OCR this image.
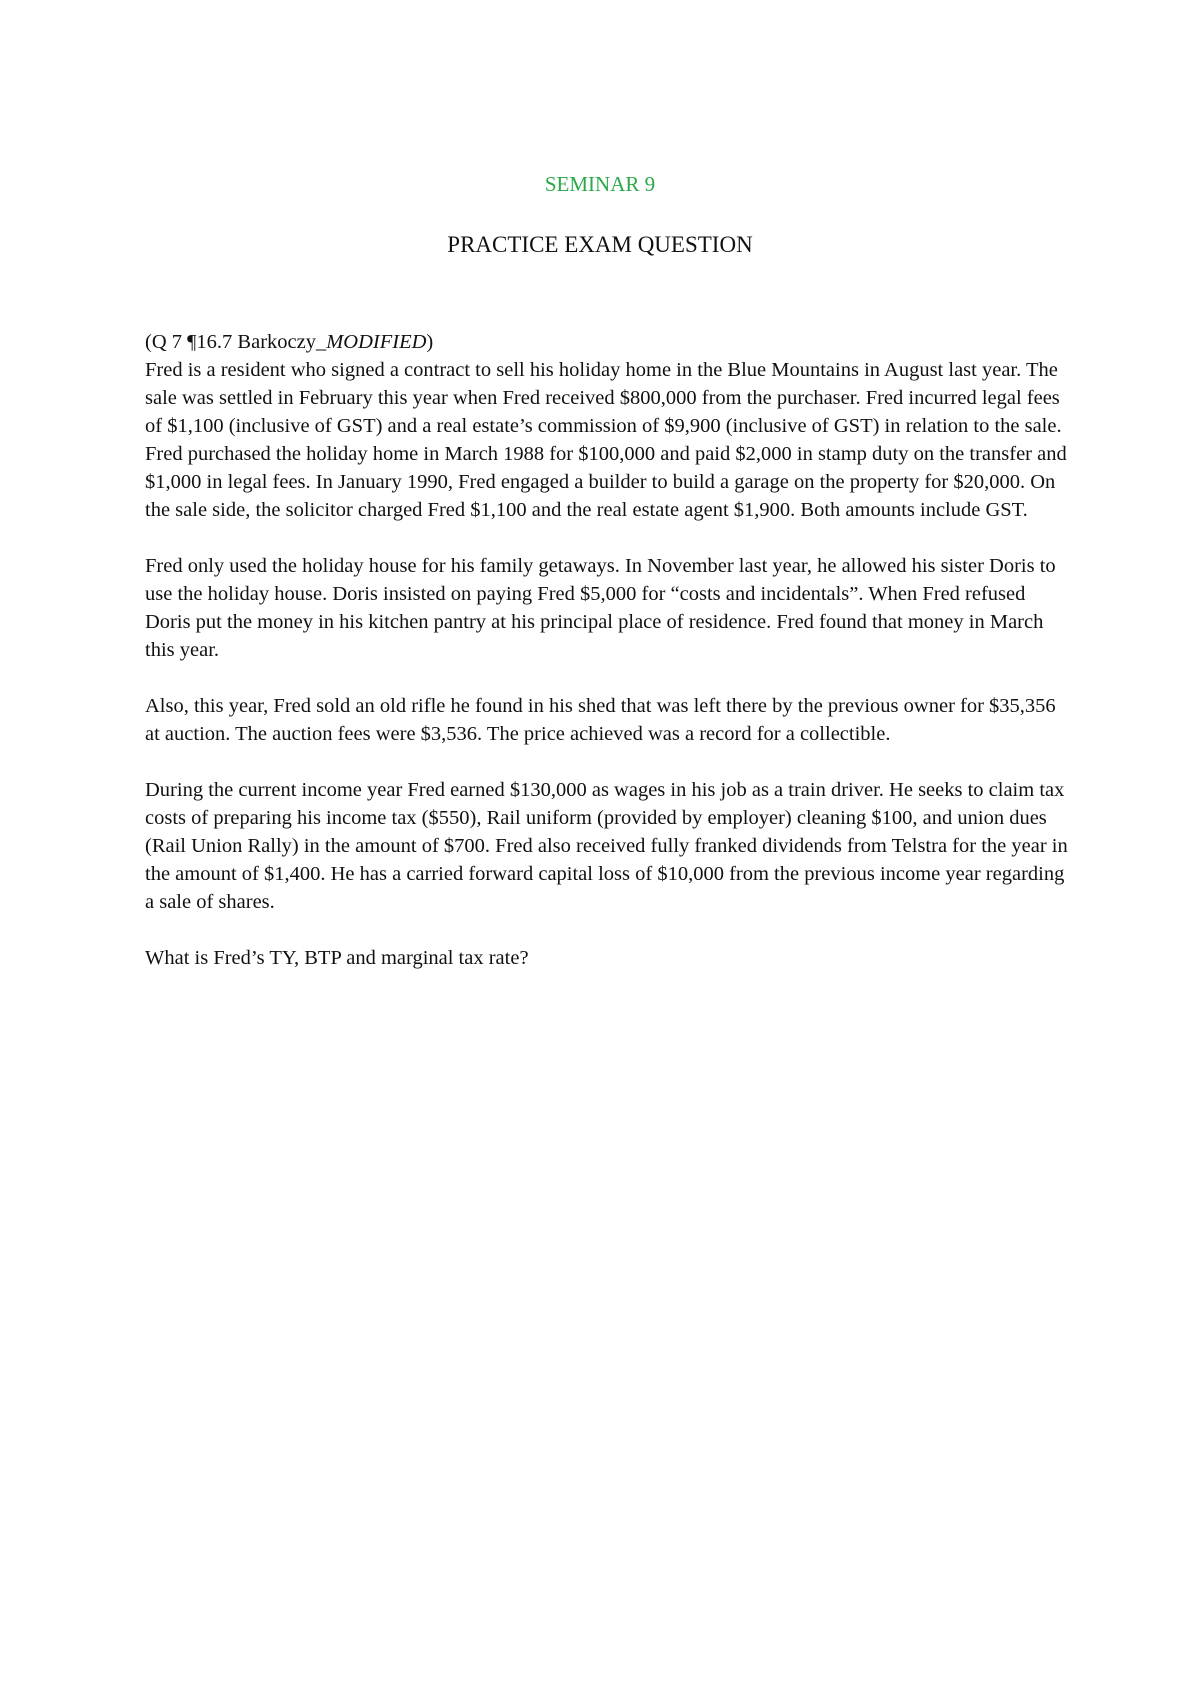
SEMINAR 9
PRACTICE EXAM QUESTION

(Q 7 ¶16.7 Barkoczy_MODIFIED)

Fred is a resident who signed a contract to sell his holiday home in the Blue Mountains in August last year. The sale was settled in February this year when Fred received $800,000 from the purchaser. Fred incurred legal fees of $1,100 (inclusive of GST) and a real estate’s commission of $9,900 (inclusive of GST) in relation to the sale. Fred purchased the holiday home in March 1988 for $100,000 and paid $2,000 in stamp duty on the transfer and $1,000 in legal fees. In January 1990, Fred engaged a builder to build a garage on the property for $20,000. On the sale side, the solicitor charged Fred $1,100 and the real estate agent $1,900. Both amounts include GST.

Fred only used the holiday house for his family getaways. In November last year, he allowed his sister Doris to use the holiday house. Doris insisted on paying Fred $5,000 for “costs and incidentals”. When Fred refused Doris put the money in his kitchen pantry at his principal place of residence. Fred found that money in March this year.

Also, this year, Fred sold an old rifle he found in his shed that was left there by the previous owner for $35,356 at auction. The auction fees were $3,536. The price achieved was a record for a collectible.

During the current income year Fred earned $130,000 as wages in his job as a train driver. He seeks to claim tax costs of preparing his income tax ($550), Rail uniform (provided by employer) cleaning $100, and union dues (Rail Union Rally) in the amount of $700. Fred also received fully franked dividends from Telstra for the year in the amount of $1,400. He has a carried forward capital loss of $10,000 from the previous income year regarding a sale of shares.

What is Fred’s TY, BTP and marginal tax rate?
